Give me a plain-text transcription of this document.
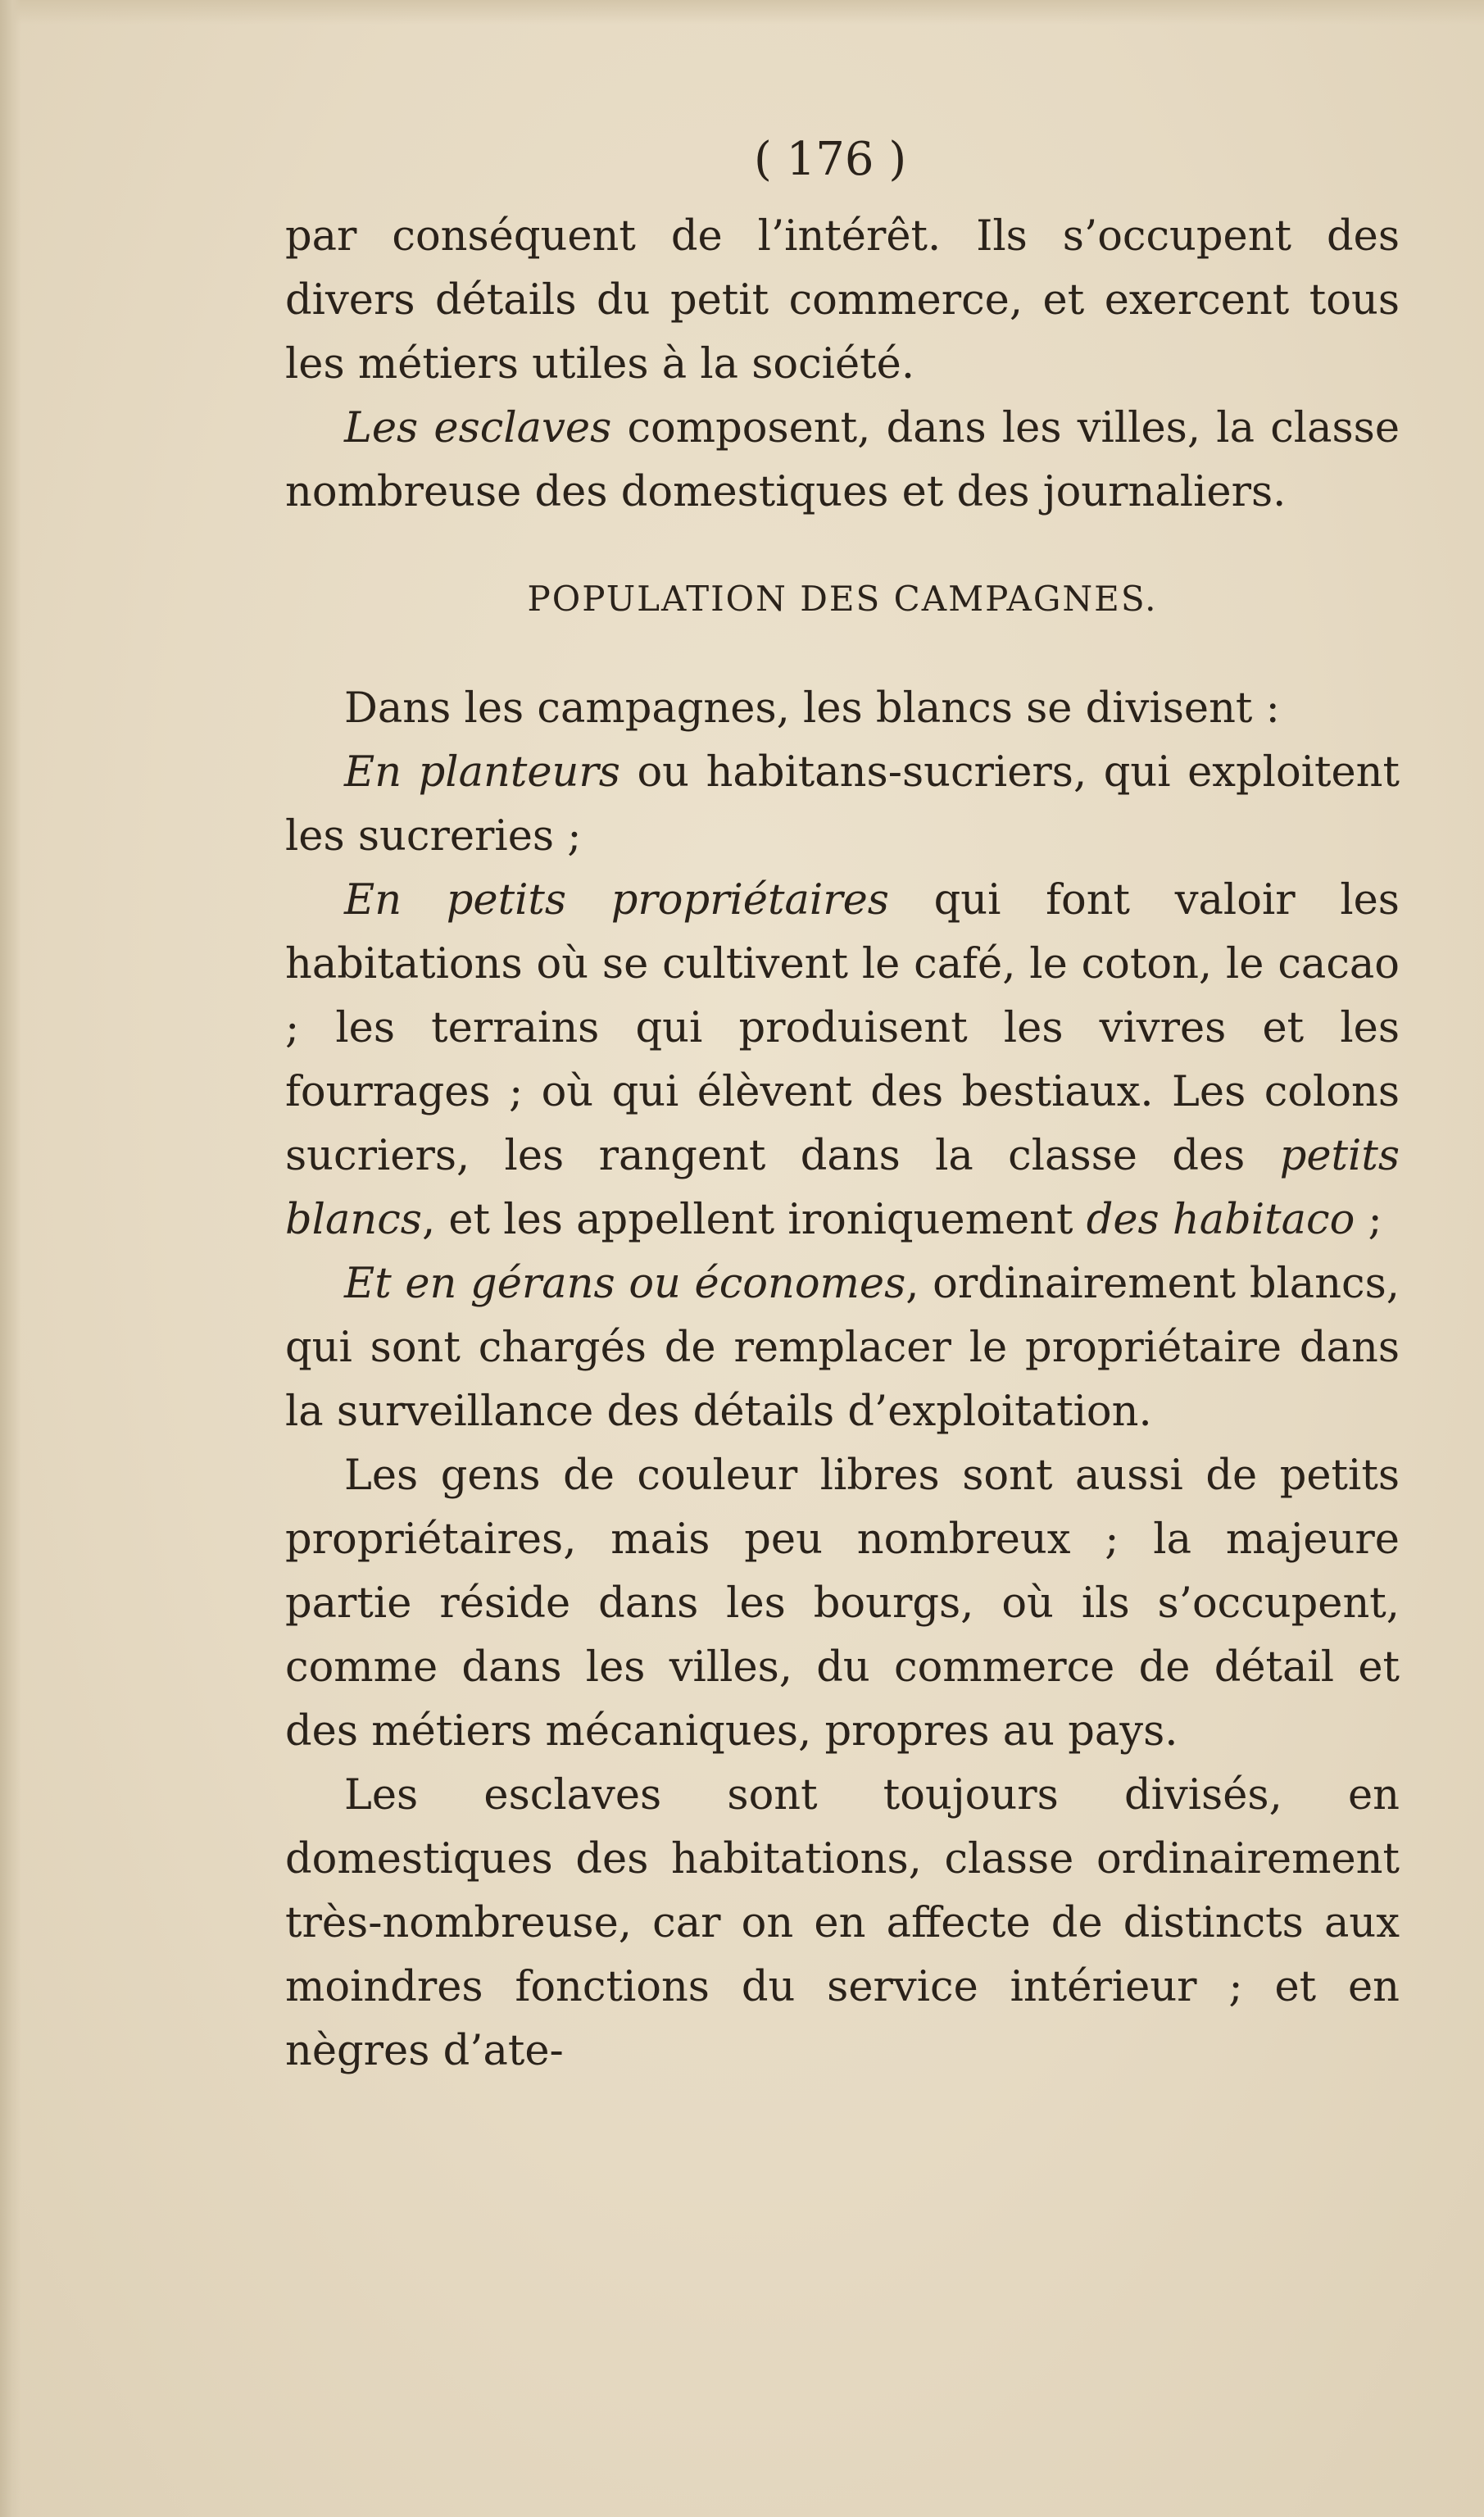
( 176 )

par conséquent de l’intérêt. Ils s’occupent des divers détails du petit commerce, et exercent tous les métiers utiles à la société.

Les esclaves composent, dans les villes, la classe nombreuse des domestiques et des journaliers.

POPULATION DES CAMPAGNES.

Dans les campagnes, les blancs se divisent :

En planteurs ou habitans-sucriers, qui exploitent les sucreries ;

En petits propriétaires qui font valoir les habitations où se cultivent le café, le coton, le cacao ; les terrains qui produisent les vivres et les fourrages ; où qui élèvent des bestiaux. Les colons sucriers, les rangent dans la classe des petits blancs, et les appellent ironiquement des habitaco ;

Et en gérans ou économes, ordinairement blancs, qui sont chargés de remplacer le propriétaire dans la surveillance des détails d’exploitation.

Les gens de couleur libres sont aussi de petits propriétaires, mais peu nombreux ; la majeure partie réside dans les bourgs, où ils s’occupent, comme dans les villes, du commerce de détail et des métiers mécaniques, propres au pays.

Les esclaves sont toujours divisés, en domestiques des habitations, classe ordinairement très-nombreuse, car on en affecte de distincts aux moindres fonctions du service intérieur ; et en nègres d’ate-
